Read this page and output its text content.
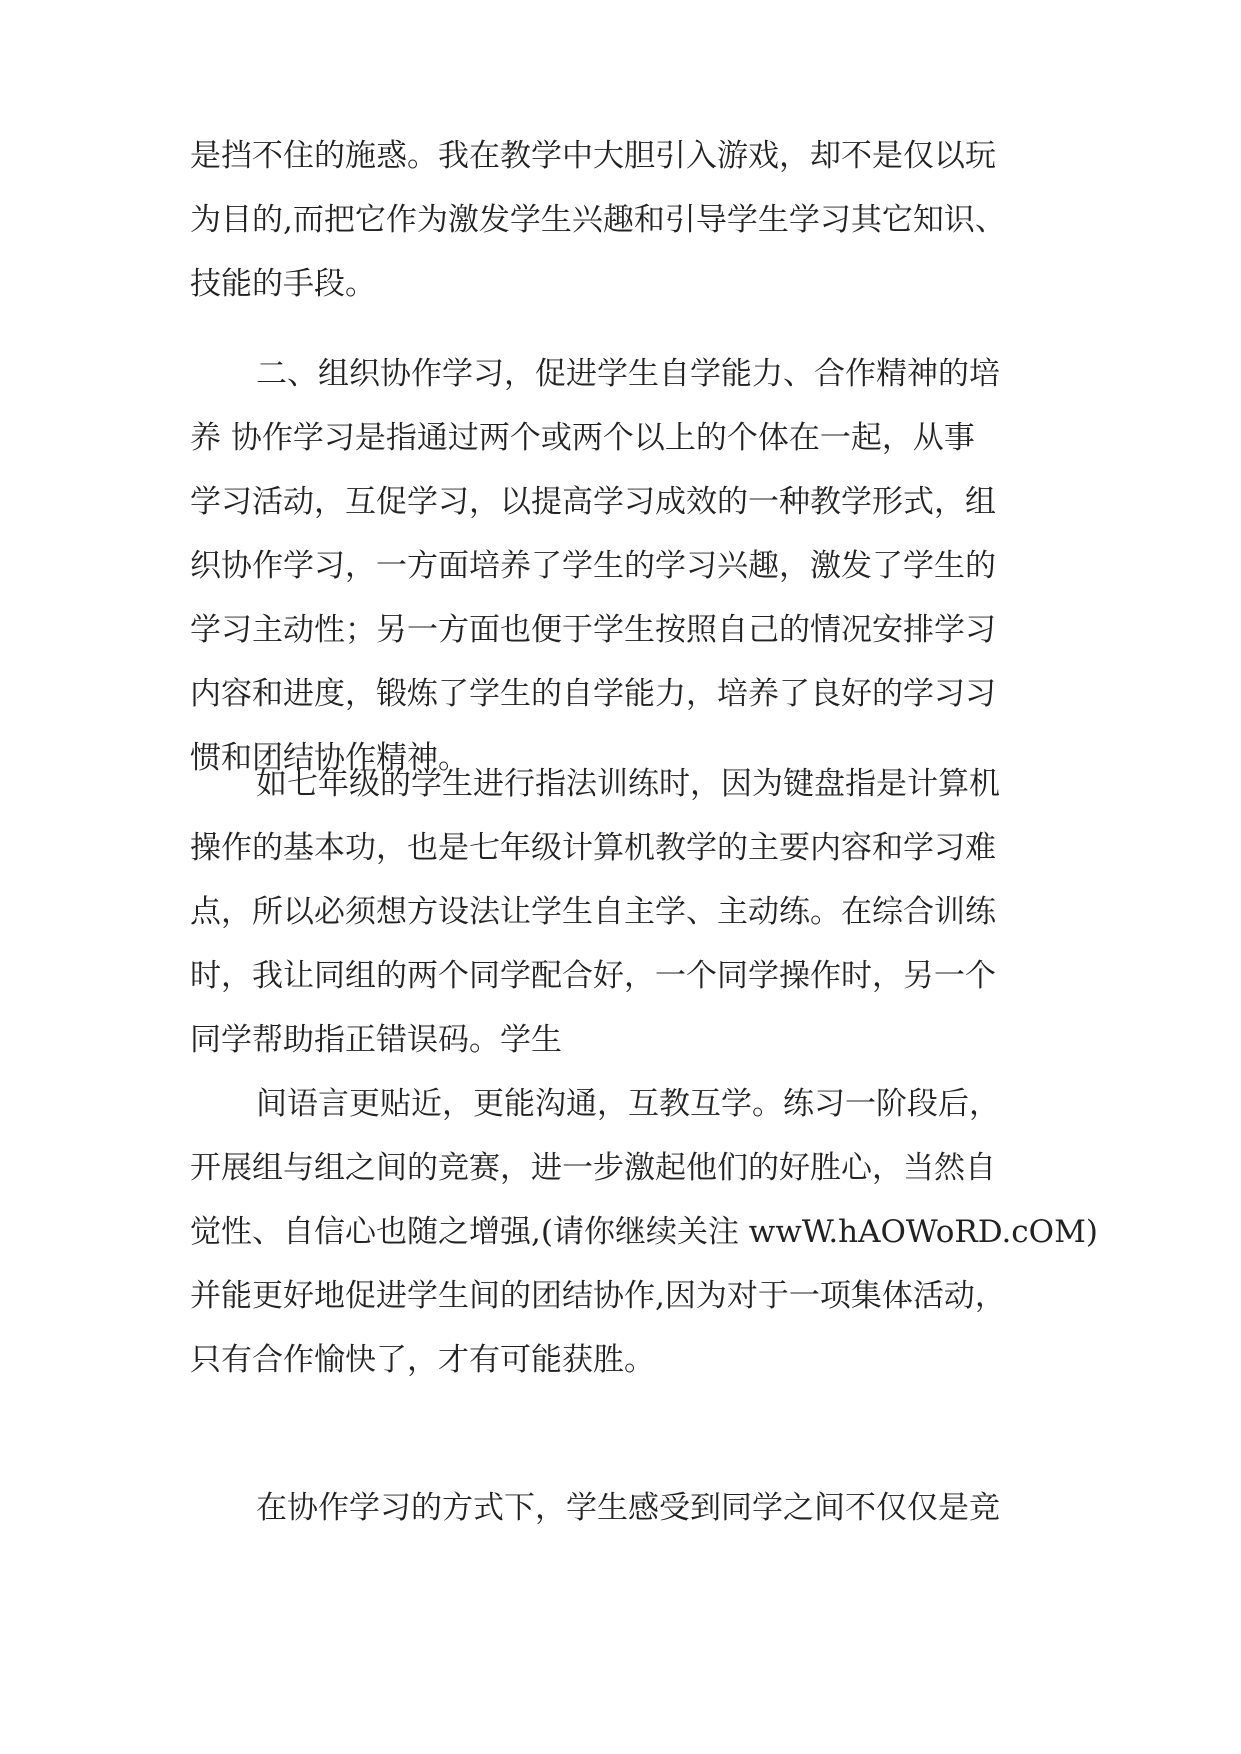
是挡不住的施惑。我在教学中大胆引入游戏，却不是仅以玩
为目的,而把它作为激发学生兴趣和引导学生学习其它知识、
技能的手段。
二、组织协作学习，促进学生自学能力、合作精神的培
养 协作学习是指通过两个或两个以上的个体在一起，从事
学习活动，互促学习，以提高学习成效的一种教学形式，组
织协作学习，一方面培养了学生的学习兴趣，激发了学生的
学习主动性；另一方面也便于学生按照自己的情况安排学习
内容和进度，锻炼了学生的自学能力，培养了良好的学习习
惯和团结协作精神。
如七年级的学生进行指法训练时，因为键盘指是计算机
操作的基本功，也是七年级计算机教学的主要内容和学习难
点，所以必须想方设法让学生自主学、主动练。在综合训练
时，我让同组的两个同学配合好，一个同学操作时，另一个
同学帮助指正错误码。学生
间语言更贴近，更能沟通，互教互学。练习一阶段后，
开展组与组之间的竞赛，进一步激起他们的好胜心，当然自
觉性、自信心也随之增强,(请你继续关注 wwW.hAOWoRD.cOM)
并能更好地促进学生间的团结协作,因为对于一项集体活动，
只有合作愉快了，才有可能获胜。
在协作学习的方式下，学生感受到同学之间不仅仅是竞
